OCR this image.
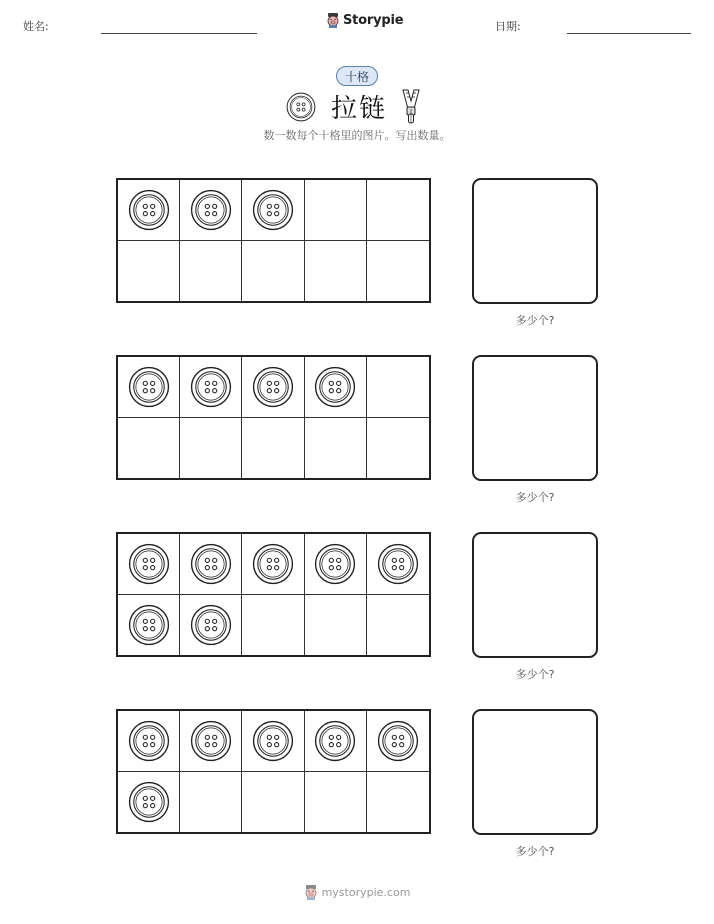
姓名:	Storypie	日期:
十格
拉链
数一数每个十格里的图片。写出数量。
多少个?
多少个?
多少个?
多少个?
mystorypie.com
